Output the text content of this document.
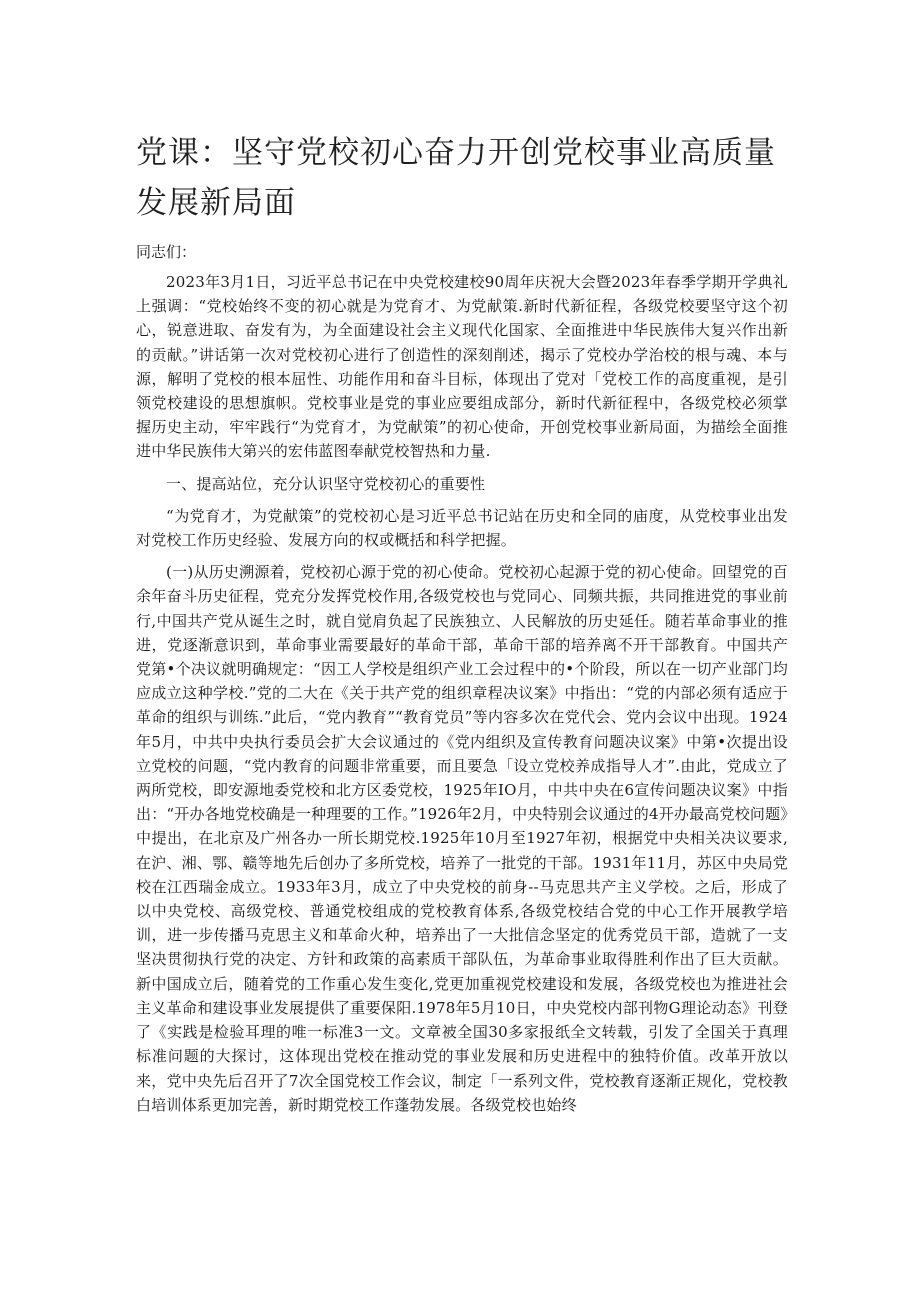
党课：坚守党校初心奋力开创党校事业高质量发展新局面

同志们：

2023年3月1日，习近平总书记在中央党校建校90周年庆祝大会暨2023年春季学期开学典礼上强调：“党校始终不变的初心就是为党育才、为党献策.新时代新征程，各级党校要坚守这个初心，锐意进取、奋发有为，为全面建设社会主义现代化国家、全面推进中华民族伟大复兴作出新的贡献。”讲话第一次对党校初心进行了创造性的深刻削述，揭示了党校办学治校的根与魂、本与源，解明了党校的根本屈性、功能作用和奋斗目标，体现出了党对「党校工作的高度重视，是引领党校建设的思想旗帜。党校事业是党的事业应要组成部分，新时代新征程中，各级党校必须掌握历史主动，牢牢践行“为党育才，为党献策”的初心使命，开创党校事业新局面，为描绘全面推进中华民族伟大第兴的宏伟蓝图奉献党校智热和力量.

一、提高站位，充分认识坚守党校初心的重要性

“为党育才，为党献策”的党校初心是习近平总书记站在历史和全同的庙度，从党校事业出发对党校工作历史经验、发展方向的权或概括和科学把握。

(一)从历史溯源着，党校初心源于党的初心使命。党校初心起源于党的初心使命。回望党的百余年奋斗历史征程，党充分发挥党校作用,各级党校也与党同心、同频共振，共同推进党的事业前行,中国共产党从诞生之时，就自觉肩负起了民族独立、人民解放的历史延任。随若革命事业的推进，党逐渐意识到，革命事业需要最好的革命干部，革命干部的培养离不开干部教育。中国共产党第•个决议就明确规定：“因工人学校是组织产业工会过程中的•个阶段，所以在一切产业部门均应成立这种学校.”党的二大在《关于共产党的组织章程决议案》中指出：“党的内部必须有适应于革命的组织与训练.”此后，“党内教育”“教育党员”等内容多次在党代会、党内会议中出现。1924年5月，中共中央执行委员会扩大会议通过的《党内组织及宣传教育问题决议案》中第•次提出设立党校的问题，“党内教育的问题非常重要，而且要急「设立党校养成指导人才”.由此，党成立了两所党校，即安源地委党校和北方区委党校，1925年IO月，中共中央在6宣传问题决议案》中指出：“开办各地党校确是一种理要的工作。”1926年2月，中央特别会议通过的4开办最高党校问题》中提出，在北京及广州各办一所长期党校.1925年10月至1927年初，根据党中央相关决议要求,在沪、湘、鄂、赣等地先后创办了多所党校，培养了一批党的干部。1931年11月，苏区中央局党校在江西瑞金成立。1933年3月，成立了中央党校的前身--马克思共产主义学校。之后，形成了以中央党校、高级党校、普通党校组成的党校教育体系,各级党校结合党的中心工作开展教学培训，进一步传播马克思主义和革命火种，培养出了一大批信念坚定的优秀党员干部，造就了一支坚决贯彻执行党的决定、方针和政策的高素质干部队伍，为革命事业取得胜利作出了巨大贡献。新中国成立后，随着党的工作重心发生变化,党更加重视党校建设和发展，各级党校也为推进社会主义革命和建设事业发展提供了重要保阳.1978年5月10日，中央党校内部刊物G理论动态》刊登了《实践是检验耳理的唯一标准3一文。文章被全国30多家报纸全文转载，引发了全国关于真理标准问题的大探讨，这体现出党校在推动党的事业发展和历史进程中的独特价值。改革开放以来，党中央先后召开了7次全国党校工作会议，制定「一系列文件，党校教育逐渐正规化，党校教白培训体系更加完善，新时期党校工作蓬勃发展。各级党校也始终
